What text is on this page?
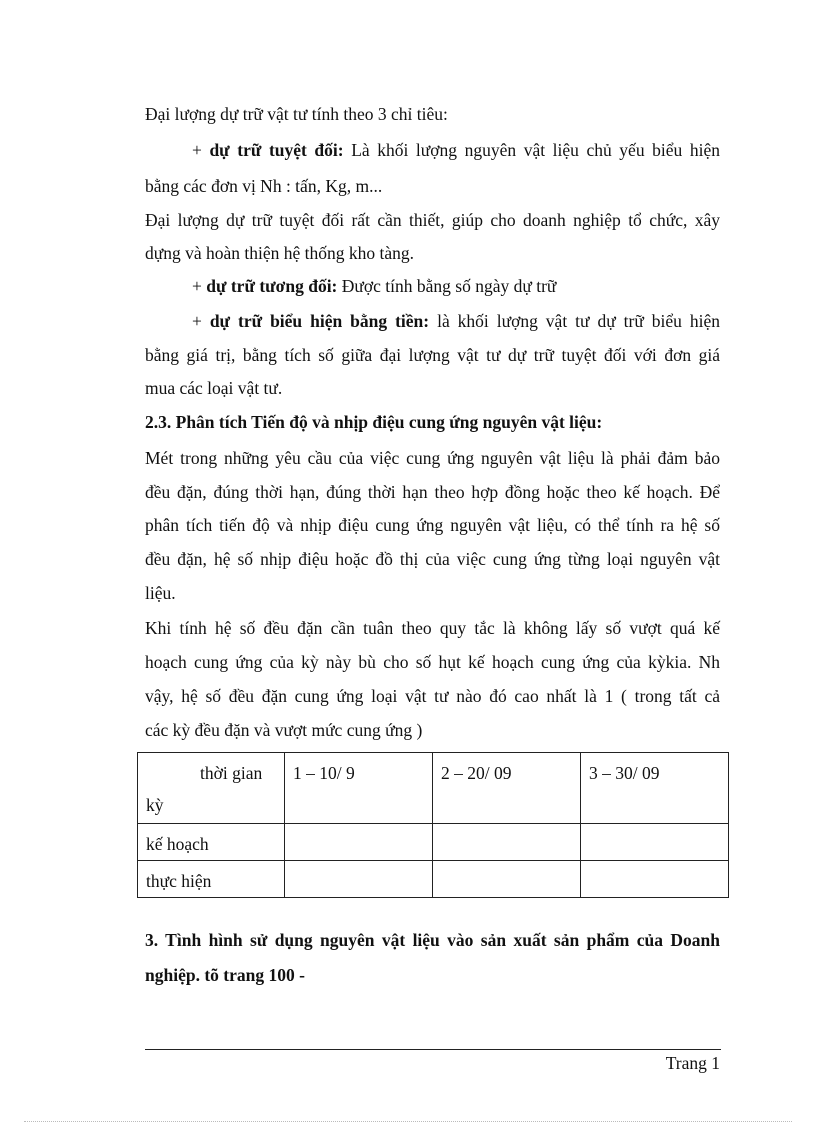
Đại lượng dự trữ vật tư tính theo 3 chỉ tiêu:
+ dự trữ tuyệt đối: Là khối lượng nguyên vật liệu chủ yếu biểu hiện
bằng các đơn vị Nh : tấn, Kg, m...
Đại lượng dự trữ tuyệt đối rất cần thiết, giúp cho doanh nghiệp tổ chức, xây
dựng và hoàn thiện hệ thống kho tàng.
+ dự trữ tương đối: Được tính bằng số ngày dự trữ
+ dự trữ biểu hiện bằng tiền: là khối lượng vật tư dự trữ biểu hiện
bằng giá trị, bằng tích số giữa đại lượng vật tư dự trữ tuyệt đối với đơn giá
mua các loại vật tư.
2.3. Phân tích Tiến độ và nhịp điệu cung ứng nguyên vật liệu:
Mét trong những yêu cầu của việc cung ứng nguyên vật liệu là phải đảm bảo
đều đặn, đúng thời hạn, đúng thời hạn theo hợp đồng hoặc theo kế hoạch. Để
phân tích tiến độ và nhịp điệu cung ứng nguyên vật liệu, có thể tính ra hệ số
đều đặn, hệ số nhịp điệu hoặc đồ thị của việc cung ứng từng loại nguyên vật
liệu.
Khi tính hệ số đều đặn cần tuân theo quy tắc là không lấy số vượt quá kế
hoạch cung ứng của kỳ này bù cho số hụt kế hoạch cung ứng của kỳkia. Nh
vậy, hệ số đều đặn cung ứng loại vật tư nào đó cao nhất là 1 ( trong tất cả
các kỳ đều đặn và vượt mức cung ứng )
thời gian
kỳ	1 – 10/ 9	2 – 20/ 09	3 – 30/ 09
kế hoạch			
thực hiện			
3. Tình hình sử dụng nguyên vật liệu vào sản xuất sản phẩm của Doanh
nghiệp. tõ trang 100 -
Trang 1
